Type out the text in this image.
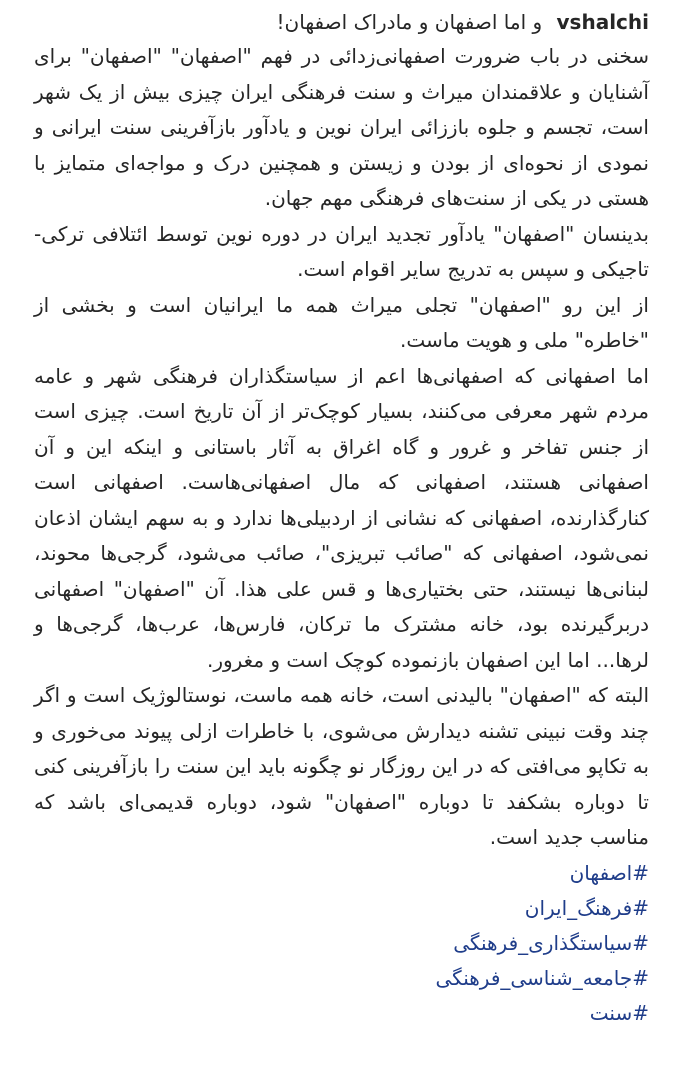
vshalchi و اما اصفهان و مادراک اصفهان!

سخنی در باب ضرورت اصفهانی‌زدائی در فهم "اصفهان" "اصفهان" برای آشنایان و علاقمندان میراث و سنت فرهنگی ایران چیزی بیش از یک شهر است، تجسم و جلوه باززائی ایران نوین و یادآور بازآفرینی سنت ایرانی و نمودی از نحوه‌ای از بودن و زیستن و همچنین درک و مواجه‌ای متمایز با هستی در یکی از سنت‌های فرهنگی مهم جهان.

بدینسان "اصفهان" یادآور تجدید ایران در دوره نوین توسط ائتلافی ترکی-تاجیکی و سپس به تدریج سایر اقوام است.

از این رو "اصفهان" تجلی میراث همه ما ایرانیان است و بخشی از "خاطره" ملی و هویت ماست.

اما اصفهانی که اصفهانی‌ها اعم از سیاستگذاران فرهنگی شهر و عامه مردم شهر معرفی می‌کنند، بسیار کوچک‌تر از آن تاریخ است. چیزی است از جنس تفاخر و غرور و گاه اغراق به آثار باستانی و اینکه این و آن اصفهانی هستند، اصفهانی که مال اصفهانی‌هاست. اصفهانی است کنارگذارنده، اصفهانی که نشانی از اردبیلی‌ها ندارد و به سهم ایشان اذعان نمی‌شود، اصفهانی که "صائب تبریزی"، صائب می‌شود، گرجی‌ها محوند، لبنانی‌ها نیستند، حتی بختیاری‌ها و قس علی هذا. آن "اصفهان" اصفهانی دربرگیرنده بود، خانه مشترک ما ترکان، فارس‌ها، عرب‌ها، گرجی‌ها و لرها... اما این اصفهان بازنموده کوچک است و مغرور.

البته که "اصفهان" بالیدنی است، خانه همه ماست، نوستالوژیک است و اگر چند وقت نبینی تشنه دیدارش می‌شوی، با خاطرات ازلی پیوند می‌خوری و به تکاپو می‌افتی که در این روزگار نو چگونه باید این سنت را بازآفرینی کنی تا دوباره بشکفد تا دوباره "اصفهان" شود، دوباره قدیمی‌ای باشد که مناسب جدید است.

#اصفهان
#فرهنگ_ایران
#سیاستگذاری_فرهنگی
#جامعه_شناسی_فرهنگی
#سنت
